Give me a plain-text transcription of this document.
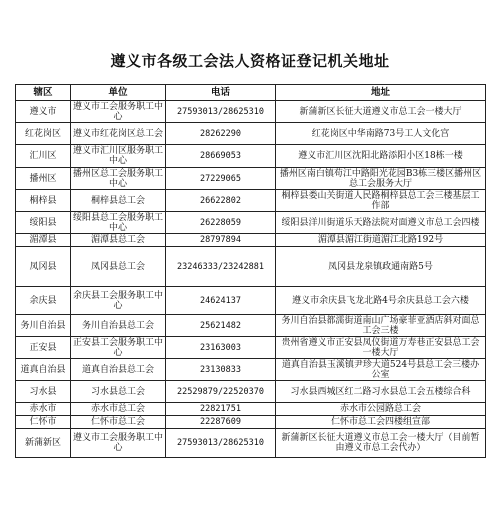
遵义市各级工会法人资格证登记机关地址
辖区	单位	电话	地址
遵义市	遵义市工会服务职工中心	27593013/28625310	新蒲新区长征大道遵义市总工会一楼大厅
红花岗区	遵义市红花岗区总工会	28262290	红花岗区中华南路73号工人文化宫
汇川区	遵义市汇川区服务职工中心	28669053	遵义市汇川区沈阳北路添阳小区18栋一楼
播州区	播州区总工会服务职工中心	27229065	播州区南白镇苟江中路阳光花园B3栋三楼区播州区总工会服务大厅
桐梓县	桐梓县总工会	26622802	桐梓县娄山关街道人民路桐梓县总工会三楼基层工作部
绥阳县	绥阳县总工会服务职工中心	26228059	绥阳县洋川街道乐天路法院对面遵义市总工会四楼
湄潭县	湄潭县总工会	28797894	湄潭县湄江街道湄江北路192号
凤冈县	凤冈县总工会	23246333/23242881	凤冈县龙泉镇政通南路5号
余庆县	余庆县工会服务职工中心	24624137	遵义市余庆县飞龙北路4号余庆县总工会六楼
务川自治县	务川自治县总工会	25621482	务川自治县都濡街道南山广场豪菲亚酒店斜对面总工会三楼
正安县	正安县工会服务职工中心	23163003	贵州省遵义市正安县凤仪街道万寿巷正安县总工会一楼大厅
道真自治县	道真自治县总工会	23130833	道真自治县玉溪镇尹珍大道524号县总工会三楼办公室
习水县	习水县总工会	22529879/22520370	习水县西城区红二路习水县总工会五楼综合科
赤水市	赤水市总工会	22821751	赤水市公园路总工会
仁怀市	仁怀市总工会	22287609	仁怀市总工会四楼组宣部
新蒲新区	遵义市工会服务职工中心	27593013/28625310	新蒲新区长征大道遵义市总工会一楼大厅（目前暂由遵义市总工会代办）
